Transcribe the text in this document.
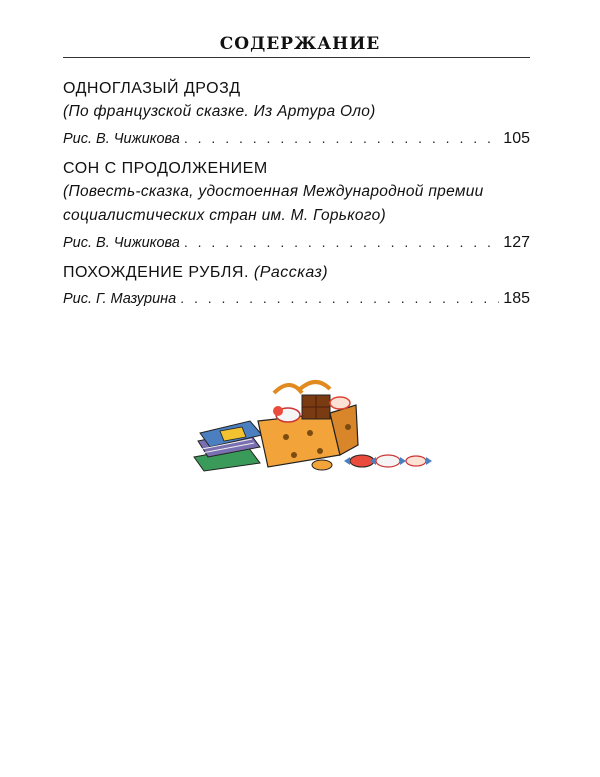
СОДЕРЖАНИЕ
ОДНОГЛАЗЫЙ ДРОЗД
(По французской сказке. Из Артура Оло)
Рис. В. Чижикова . . .	105
СОН С ПРОДОЛЖЕНИЕМ
(Повесть-сказка, удостоенная Международной премии
социалистических стран им. М. Горького)
Рис. В. Чижикова . . .	127
ПОХОЖДЕНИЕ РУБЛЯ. (Рассказ)
Рис. Г. Мазурина . . .	185
